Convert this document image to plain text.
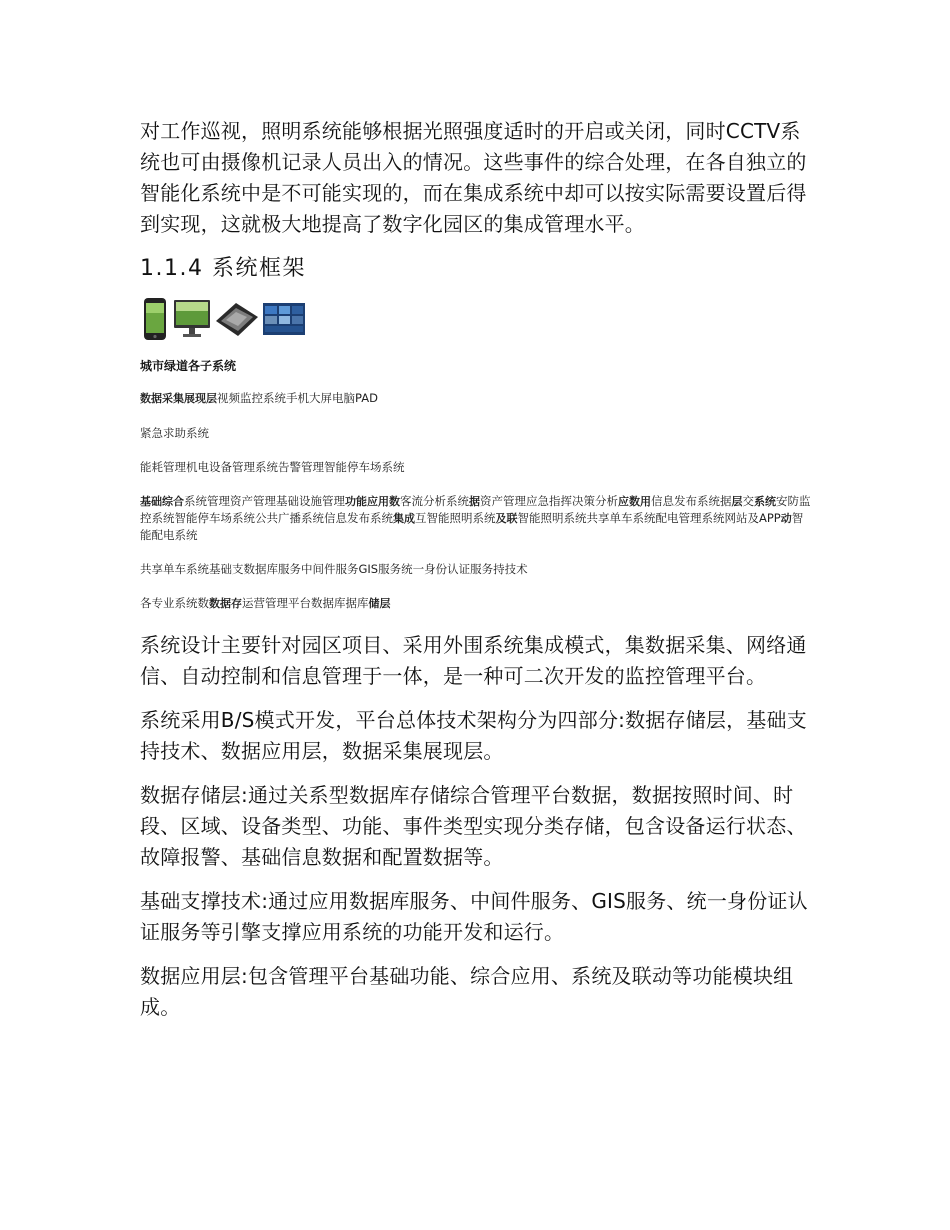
对工作巡视，照明系统能够根据光照强度适时的开启或关闭，同时CCTV系统也可由摄像机记录人员出入的情况。这些事件的综合处理，在各自独立的智能化系统中是不可能实现的，而在集成系统中却可以按实际需要设置后得到实现，这就极大地提高了数字化园区的集成管理水平。

1.1.4 系统框架
城市绿道各子系统

数据采集展现层视频监控系统手机大屏电脑PAD

紧急求助系统

能耗管理机电设备管理系统告警管理智能停车场系统

基础综合系统管理资产管理基础设施管理功能应用数客流分析系统据资产管理应急指挥决策分析应数用信息发布系统据层交系统安防监控系统智能停车场系统公共广播系统信息发布系统集成互智能照明系统及联智能照明系统共享单车系统配电管理系统网站及APP动智能配电系统

共享单车系统基础支数据库服务中间件服务GIS服务统一身份认证服务持技术

各专业系统数数据存运营管理平台数据库据库储层

系统设计主要针对园区项目、采用外围系统集成模式，集数据采集、网络通信、自动控制和信息管理于一体，是一种可二次开发的监控管理平台。

系统采用B/S模式开发，平台总体技术架构分为四部分:数据存储层，基础支持技术、数据应用层，数据采集展现层。

数据存储层:通过关系型数据库存储综合管理平台数据，数据按照时间、时段、区域、设备类型、功能、事件类型实现分类存储，包含设备运行状态、故障报警、基础信息数据和配置数据等。

基础支撑技术:通过应用数据库服务、中间件服务、GIS服务、统一身份证认证服务等引擎支撑应用系统的功能开发和运行。

数据应用层:包含管理平台基础功能、综合应用、系统及联动等功能模块组成。
